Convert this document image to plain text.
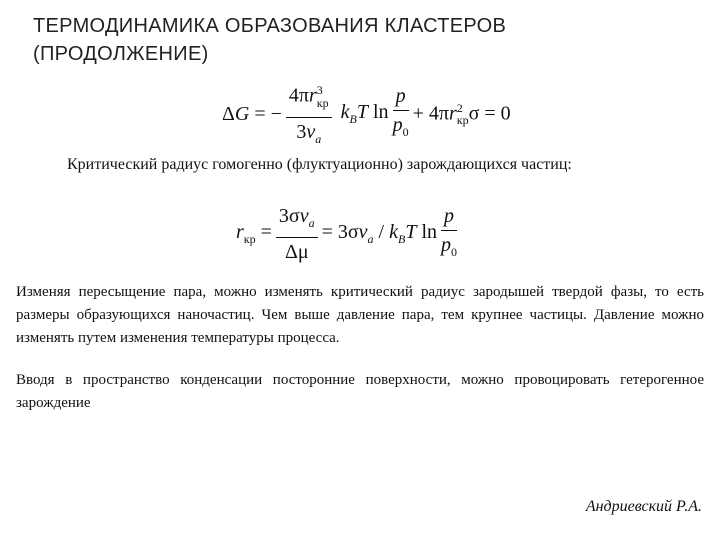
ТЕРМОДИНАМИКА ОБРАЗОВАНИЯ КЛАСТЕРОВ
(ПРОДОЛЖЕНИЕ)
ΔG = − $\frac{4\pi r^3_{кр}}{3v_a} k_BT$ $\ln \frac{p}{p_0} + 4\pi r^2_{кр}\sigma = 0$
Критический радиус гомогенно (флуктуационно) зарождающихся частиц:
$r_{кр} = \frac{3\sigma v_a}{\Delta\mu} = 3\sigma v_a / k_BT$ $\ln \frac{p}{p_0}$
Изменяя пересыщение пара, можно изменять критический радиус зародышей твердой фазы, то есть размеры образующихся наночастиц. Чем выше давление пара, тем крупнее частицы. Давление можно изменять путем изменения температуры процесса.
Вводя в пространство конденсации посторонние поверхности, можно провоцировать гетерогенное зарождение
Андриевский Р.А.
